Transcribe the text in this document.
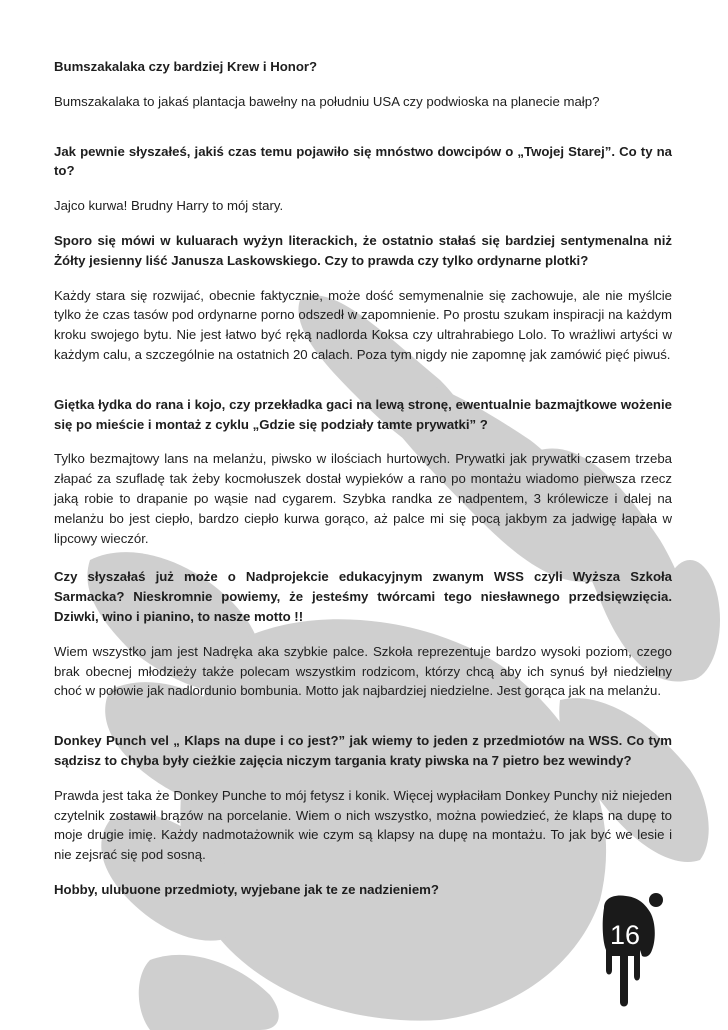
Bumszakalaka czy bardziej Krew i Honor?

Bumszakalaka to jakaś plantacja bawełny na południu USA czy podwioska na planecie małp?

Jak pewnie słyszałeś, jakiś czas temu pojawiło się mnóstwo dowcipów o „Twojej Starej”. Co ty na to?

Jajco kurwa! Brudny Harry to mój stary.

Sporo się mówi w kuluarach wyżyn literackich, że ostatnio stałaś się bardziej sentymenalna niż Żółty jesienny liść Janusza Laskowskiego. Czy to prawda czy tylko ordynarne plotki?

Każdy stara się rozwijać, obecnie faktycznie, może dość semymenalnie się zachowuje, ale nie myślcie tylko że czas tasów pod ordynarne porno odszedł w zapomnienie. Po prostu szukam inspiracji na każdym kroku swojego bytu. Nie jest łatwo być ręką nadlorda Koksa czy ultrahrabiego Lolo. To wrażliwi artyści w każdym calu, a szczególnie na ostatnich 20 calach. Poza tym nigdy nie zapomnę jak zamówić pięć piwuś.

Giętka łydka do rana i kojo, czy przekładka gaci na lewą stronę, ewentualnie bazmajtkowe wożenie się po mieście i montaż z cyklu „Gdzie się podziały tamte prywatki” ?

Tylko bezmajtowy lans na melanżu, piwsko w ilościach hurtowych. Prywatki jak prywatki czasem trzeba złapać za szufladę tak żeby kocmołuszek dostał wypieków a rano po montażu wiadomo pierwsza rzecz jaką robie to drapanie po wąsie nad cygarem. Szybka randka ze nadpentem, 3 królewicze i dalej na melanżu bo jest ciepło, bardzo ciepło kurwa gorąco, aż palce mi się pocą jakbym za jadwigę łapała w lipcowy wieczór.

Czy słyszałaś już może o Nadprojekcie edukacyjnym zwanym WSS czyli Wyższa Szkoła Sarmacka? Nieskromnie powiemy, że jesteśmy twórcami tego niesławnego przedsięwzięcia. Dziwki, wino i pianino, to nasze motto !!

Wiem wszystko jam jest Nadręka aka szybkie palce. Szkoła reprezentuje bardzo wysoki poziom, czego brak obecnej młodzieży także polecam wszystkim rodzicom, którzy chcą aby ich synuś był niedzielny choć w połowie jak nadlordunio bombunia. Motto jak najbardziej niedzielne. Jest gorąca jak na melanżu.

Donkey Punch vel „ Klaps na dupe i co jest?” jak wiemy to jeden z przedmiotów na WSS. Co tym sądzisz to chyba były cieżkie zajęcia niczym targania kraty piwska na 7 pietro bez wewindy?

Prawda jest taka że Donkey Punche to mój fetysz i konik. Więcej wypłaciłam Donkey Punchy niż niejeden czytelnik zostawił brązów na porcelanie. Wiem o nich wszystko, można powiedzieć, że klaps na dupę to moje drugie imię. Każdy nadmotażownik wie czym są klapsy na dupę na montażu. To jak być we lesie i nie zejsrać się pod sosną.

Hobby, ulubuone przedmioty, wyjebane jak te ze nadzieniem?

16
